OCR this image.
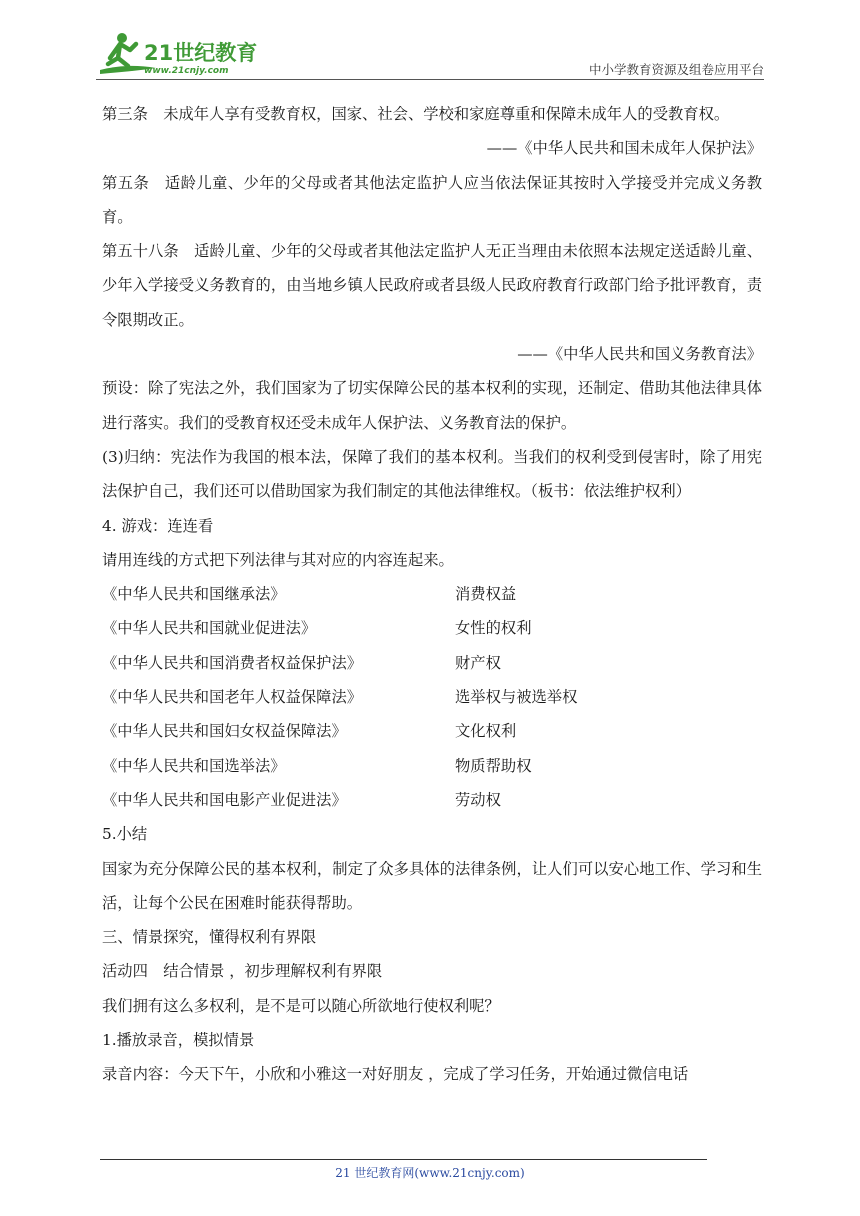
21世纪教育
www.21cnjy.com	中小学教育资源及组卷应用平台

第三条　未成年人享有受教育权，国家、社会、学校和家庭尊重和保障未成年人的受教育权。

——《中华人民共和国未成年人保护法》

第五条　适龄儿童、少年的父母或者其他法定监护人应当依法保证其按时入学接受并完成义务教育。

第五十八条　适龄儿童、少年的父母或者其他法定监护人无正当理由未依照本法规定送适龄儿童、少年入学接受义务教育的，由当地乡镇人民政府或者县级人民政府教育行政部门给予批评教育，责令限期改正。

——《中华人民共和国义务教育法》

预设：除了宪法之外，我们国家为了切实保障公民的基本权利的实现，还制定、借助其他法律具体进行落实。我们的受教育权还受未成年人保护法、义务教育法的保护。

(3)归纳：宪法作为我国的根本法，保障了我们的基本权利。当我们的权利受到侵害时，除了用宪法保护自己，我们还可以借助国家为我们制定的其他法律维权。（板书：依法维护权利）

4. 游戏：连连看

请用连线的方式把下列法律与其对应的内容连起来。

《中华人民共和国继承法》	消费权益
《中华人民共和国就业促进法》	女性的权利
《中华人民共和国消费者权益保护法》	财产权
《中华人民共和国老年人权益保障法》	选举权与被选举权
《中华人民共和国妇女权益保障法》	文化权利
《中华人民共和国选举法》	物质帮助权
《中华人民共和国电影产业促进法》	劳动权

5.小结

国家为充分保障公民的基本权利，制定了众多具体的法律条例，让人们可以安心地工作、学习和生活，让每个公民在困难时能获得帮助。

三、情景探究，懂得权利有界限

活动四　结合情景 ，初步理解权利有界限

我们拥有这么多权利，是不是可以随心所欲地行使权利呢？

1.播放录音，模拟情景

录音内容：今天下午，小欣和小雅这一对好朋友 ，完成了学习任务，开始通过微信电话

21 世纪教育网(www.21cnjy.com)
